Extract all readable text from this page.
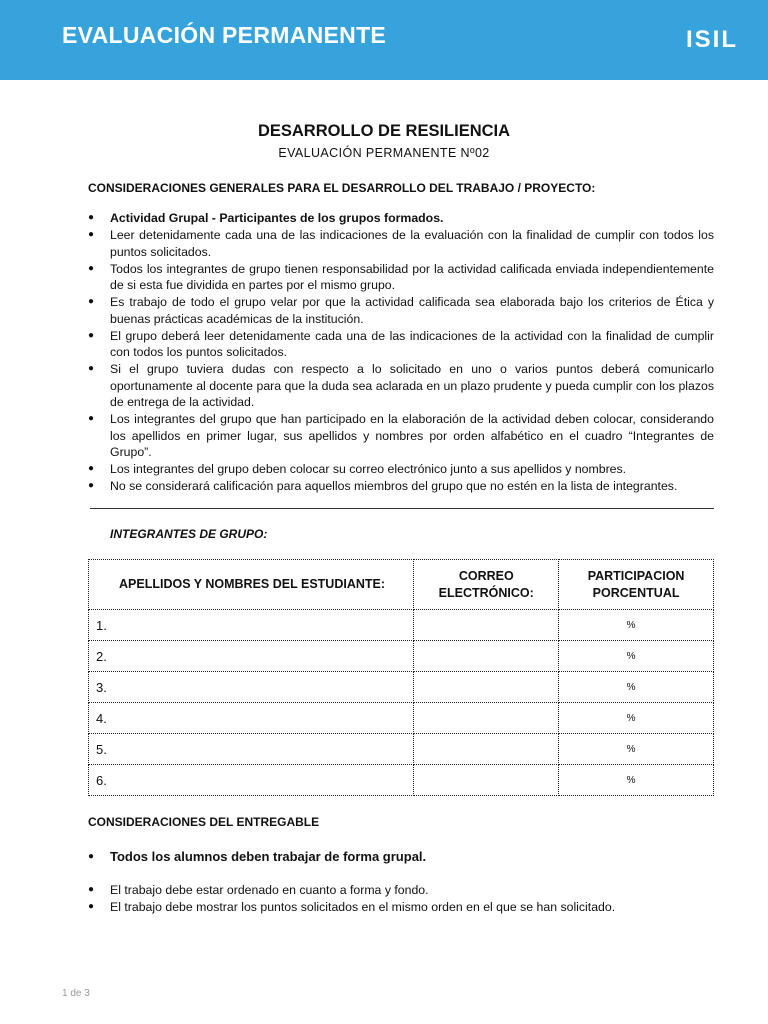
EVALUACIÓN PERMANENTE	ISIL
DESARROLLO DE RESILIENCIA
EVALUACIÓN PERMANENTE Nº02
CONSIDERACIONES GENERALES PARA EL DESARROLLO DEL TRABAJO / PROYECTO:
● Actividad Grupal - Participantes de los grupos formados.
● Leer detenidamente cada una de las indicaciones de la evaluación con la finalidad de cumplir con todos los puntos solicitados.
● Todos los integrantes de grupo tienen responsabilidad por la actividad calificada enviada independientemente de si esta fue dividida en partes por el mismo grupo.
● Es trabajo de todo el grupo velar por que la actividad calificada sea elaborada bajo los criterios de Ética y buenas prácticas académicas de la institución.
● El grupo deberá leer detenidamente cada una de las indicaciones de la actividad con la finalidad de cumplir con todos los puntos solicitados.
● Si el grupo tuviera dudas con respecto a lo solicitado en uno o varios puntos deberá comunicarlo oportunamente al docente para que la duda sea aclarada en un plazo prudente y pueda cumplir con los plazos de entrega de la actividad.
● Los integrantes del grupo que han participado en la elaboración de la actividad deben colocar, considerando los apellidos en primer lugar, sus apellidos y nombres por orden alfabético en el cuadro “Integrantes de Grupo”.
● Los integrantes del grupo deben colocar su correo electrónico junto a sus apellidos y nombres.
● No se considerará calificación para aquellos miembros del grupo que no estén en la lista de integrantes.
INTEGRANTES DE GRUPO:
APELLIDOS Y NOMBRES DEL ESTUDIANTE:	CORREO ELECTRÓNICO:	PARTICIPACION PORCENTUAL
1.		%
2.		%
3.		%
4.		%
5.		%
6.		%
CONSIDERACIONES DEL ENTREGABLE
● Todos los alumnos deben trabajar de forma grupal.
● El trabajo debe estar ordenado en cuanto a forma y fondo.
● El trabajo debe mostrar los puntos solicitados en el mismo orden en el que se han solicitado.
1 de 3
